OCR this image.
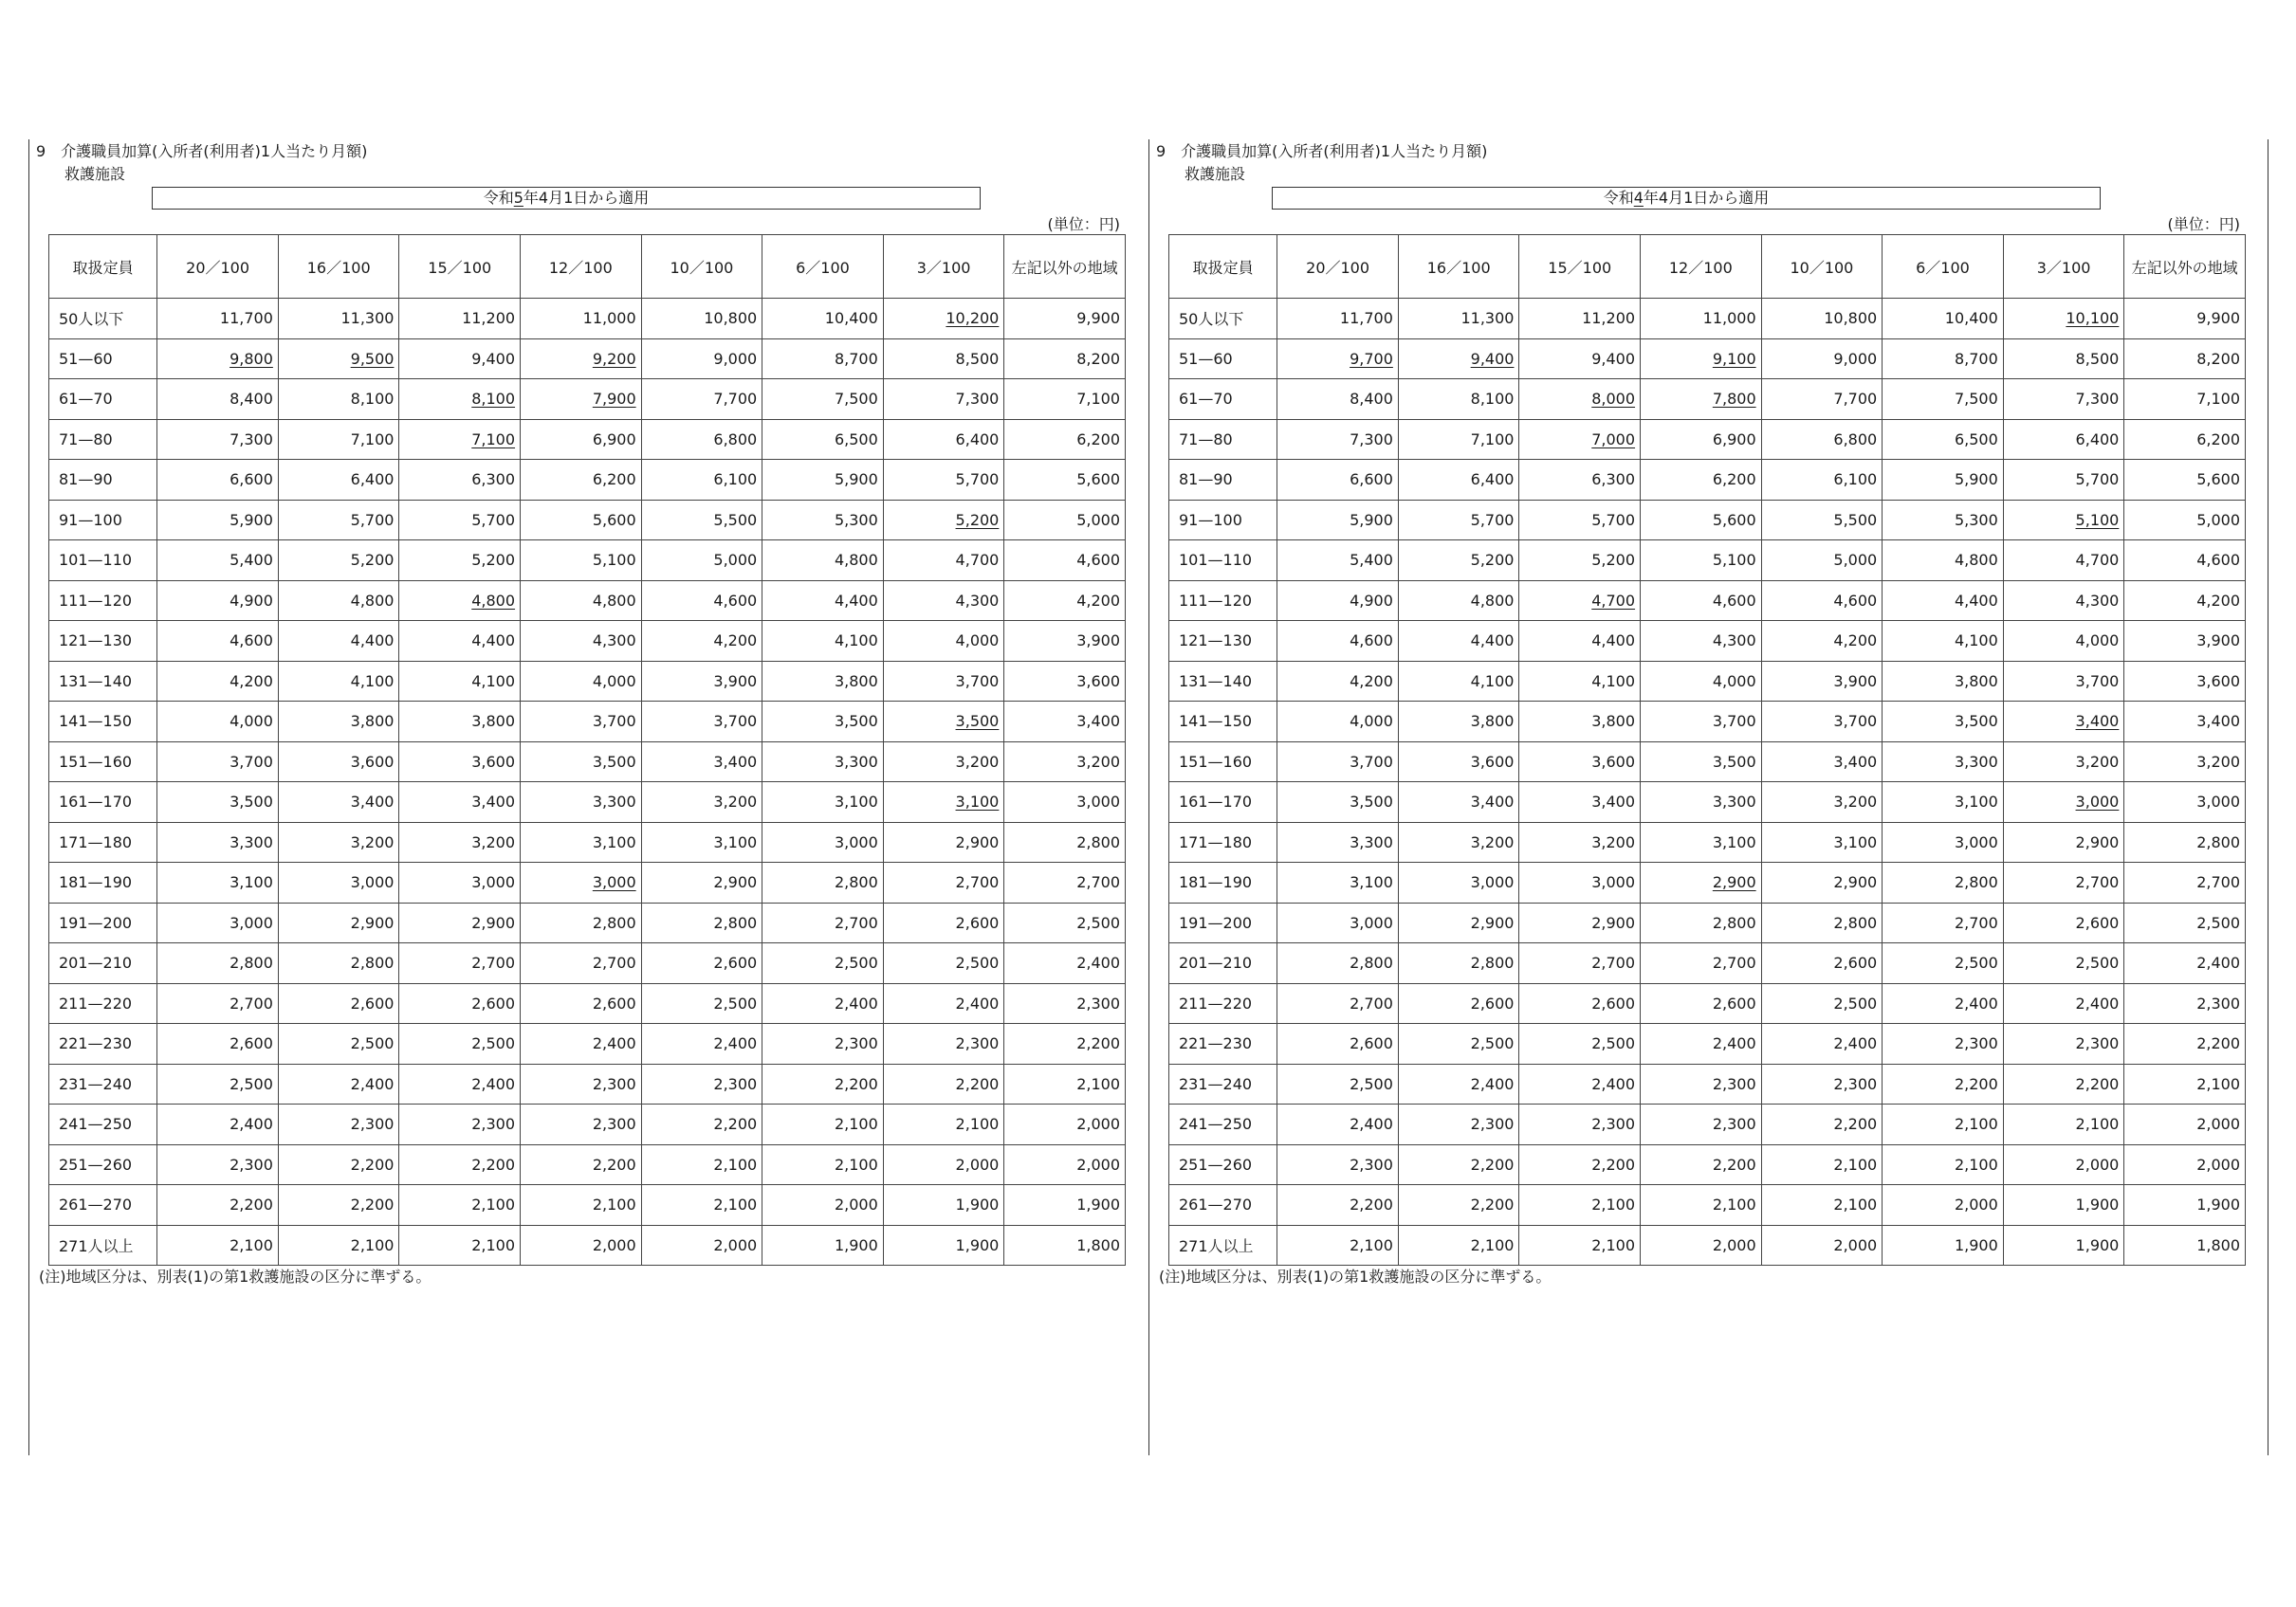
9　介護職員加算(入所者(利用者)1人当たり月額)
救護施設
令和5年4月1日から適用
(単位：円)
取扱定員	20／100	16／100	15／100	12／100	10／100	6／100	3／100	左記以外の地域
50人以下	11,700	11,300	11,200	11,000	10,800	10,400	10,200	9,900
51—60	9,800	9,500	9,400	9,200	9,000	8,700	8,500	8,200
61—70	8,400	8,100	8,100	7,900	7,700	7,500	7,300	7,100
71—80	7,300	7,100	7,100	6,900	6,800	6,500	6,400	6,200
81—90	6,600	6,400	6,300	6,200	6,100	5,900	5,700	5,600
91—100	5,900	5,700	5,700	5,600	5,500	5,300	5,200	5,000
101—110	5,400	5,200	5,200	5,100	5,000	4,800	4,700	4,600
111—120	4,900	4,800	4,800	4,800	4,600	4,400	4,300	4,200
121—130	4,600	4,400	4,400	4,300	4,200	4,100	4,000	3,900
131—140	4,200	4,100	4,100	4,000	3,900	3,800	3,700	3,600
141—150	4,000	3,800	3,800	3,700	3,700	3,500	3,500	3,400
151—160	3,700	3,600	3,600	3,500	3,400	3,300	3,200	3,200
161—170	3,500	3,400	3,400	3,300	3,200	3,100	3,100	3,000
171—180	3,300	3,200	3,200	3,100	3,100	3,000	2,900	2,800
181—190	3,100	3,000	3,000	3,000	2,900	2,800	2,700	2,700
191—200	3,000	2,900	2,900	2,800	2,800	2,700	2,600	2,500
201—210	2,800	2,800	2,700	2,700	2,600	2,500	2,500	2,400
211—220	2,700	2,600	2,600	2,600	2,500	2,400	2,400	2,300
221—230	2,600	2,500	2,500	2,400	2,400	2,300	2,300	2,200
231—240	2,500	2,400	2,400	2,300	2,300	2,200	2,200	2,100
241—250	2,400	2,300	2,300	2,300	2,200	2,100	2,100	2,000
251—260	2,300	2,200	2,200	2,200	2,100	2,100	2,000	2,000
261—270	2,200	2,200	2,100	2,100	2,100	2,000	1,900	1,900
271人以上	2,100	2,100	2,100	2,000	2,000	1,900	1,900	1,800
(注)地域区分は、別表(1)の第1救護施設の区分に準ずる。
9　介護職員加算(入所者(利用者)1人当たり月額)
救護施設
令和4年4月1日から適用
(単位：円)
取扱定員	20／100	16／100	15／100	12／100	10／100	6／100	3／100	左記以外の地域
50人以下	11,700	11,300	11,200	11,000	10,800	10,400	10,100	9,900
51—60	9,700	9,400	9,400	9,100	9,000	8,700	8,500	8,200
61—70	8,400	8,100	8,000	7,800	7,700	7,500	7,300	7,100
71—80	7,300	7,100	7,000	6,900	6,800	6,500	6,400	6,200
81—90	6,600	6,400	6,300	6,200	6,100	5,900	5,700	5,600
91—100	5,900	5,700	5,700	5,600	5,500	5,300	5,100	5,000
101—110	5,400	5,200	5,200	5,100	5,000	4,800	4,700	4,600
111—120	4,900	4,800	4,700	4,600	4,600	4,400	4,300	4,200
121—130	4,600	4,400	4,400	4,300	4,200	4,100	4,000	3,900
131—140	4,200	4,100	4,100	4,000	3,900	3,800	3,700	3,600
141—150	4,000	3,800	3,800	3,700	3,700	3,500	3,400	3,400
151—160	3,700	3,600	3,600	3,500	3,400	3,300	3,200	3,200
161—170	3,500	3,400	3,400	3,300	3,200	3,100	3,000	3,000
171—180	3,300	3,200	3,200	3,100	3,100	3,000	2,900	2,800
181—190	3,100	3,000	3,000	2,900	2,900	2,800	2,700	2,700
191—200	3,000	2,900	2,900	2,800	2,800	2,700	2,600	2,500
201—210	2,800	2,800	2,700	2,700	2,600	2,500	2,500	2,400
211—220	2,700	2,600	2,600	2,600	2,500	2,400	2,400	2,300
221—230	2,600	2,500	2,500	2,400	2,400	2,300	2,300	2,200
231—240	2,500	2,400	2,400	2,300	2,300	2,200	2,200	2,100
241—250	2,400	2,300	2,300	2,300	2,200	2,100	2,100	2,000
251—260	2,300	2,200	2,200	2,200	2,100	2,100	2,000	2,000
261—270	2,200	2,200	2,100	2,100	2,100	2,000	1,900	1,900
271人以上	2,100	2,100	2,100	2,000	2,000	1,900	1,900	1,800
(注)地域区分は、別表(1)の第1救護施設の区分に準ずる。
